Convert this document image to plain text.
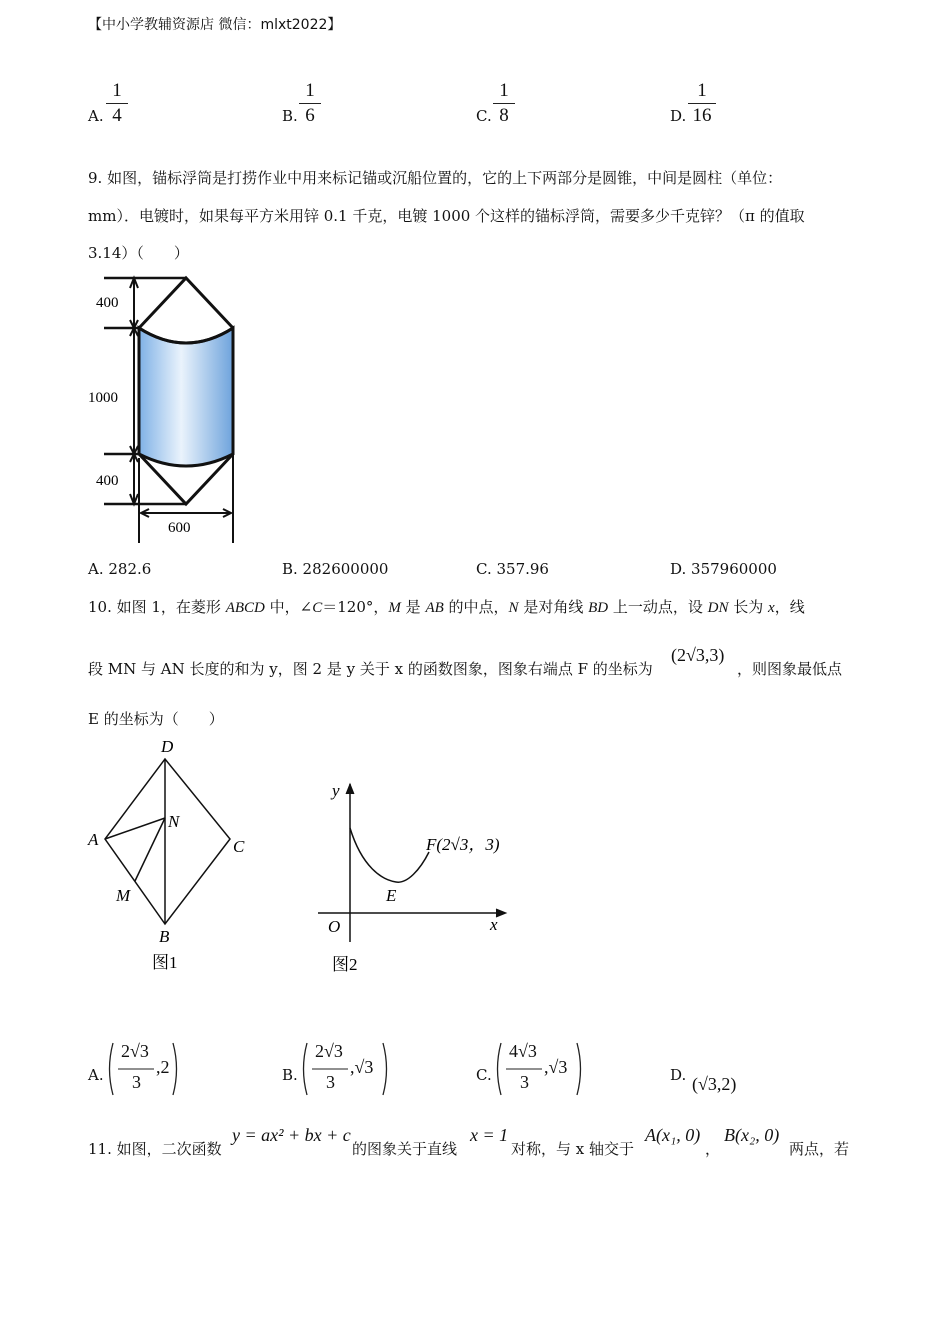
【中小学教辅资源店 微信：mlxt2022】
A.
1
4	B.
1
6	C.
1
8	D.
1
16
9. 如图，锚标浮筒是打捞作业中用来标记锚或沉船位置的，它的上下两部分是圆锥，中间是圆柱（单位：
mm）．电镀时，如果每平方米用锌 0.1 千克，电镀 1000 个这样的锚标浮筒，需要多少千克锌？（π 的值取
3.14）（　　）
400
1000
400
600
A. 282.6	B. 282600000	C. 357.96	D. 357960000
10. 如图 1，在菱形 ABCD 中，∠C＝120°，M 是 AB 的中点，N 是对角线 BD 上一动点，设 DN 长为 x，线
段 MN 与 AN 长度的和为 y，图 2 是 y 关于 x 的函数图象，图象右端点 F 的坐标为
(2√3,3)
，则图象最低点
E 的坐标为（　　）
D
A
N
C
M
B
图1
y
x
O
E
F(2√3，3)
图2
A.
2√3
3
,2	B.
2√3
3
,√3	C.
4√3
3
,√3	D. (√3,2)
11. 如图，二次函数
y = ax² + bx + c
的图象关于直线
x = 1
对称，与 x 轴交于
A(x₁, 0)
，
B(x₂, 0)
两点，若
